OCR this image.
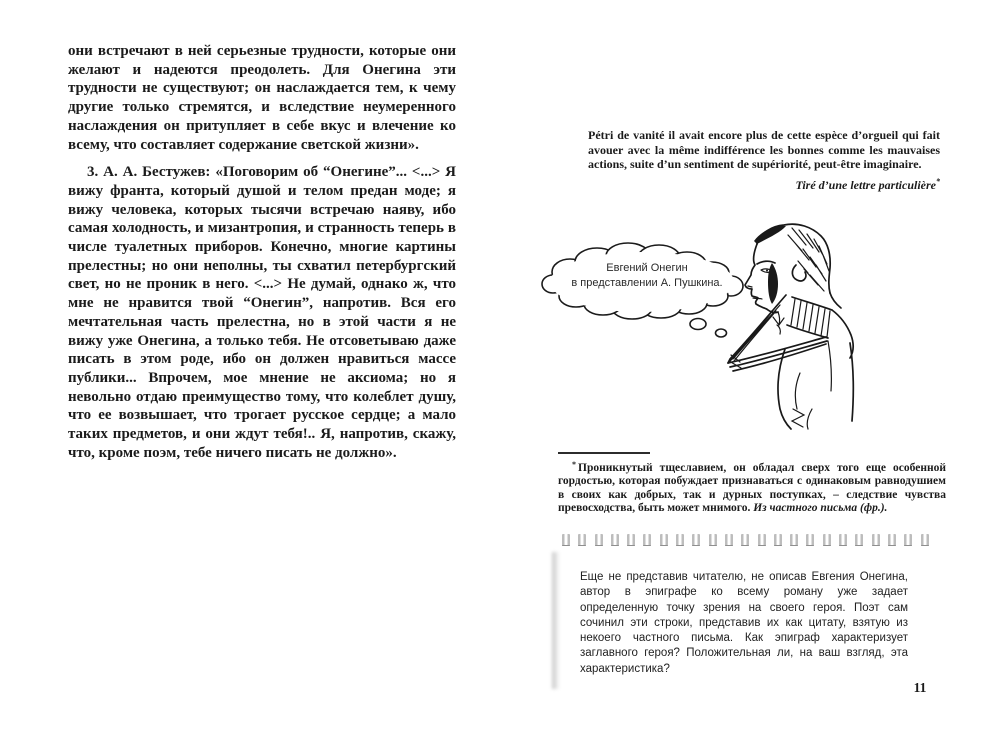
они встречают в ней серьезные трудности, которые они желают и надеются преодолеть. Для Онегина эти трудности не существуют; он наслаждается тем, к чему другие только стремятся, и вследствие неумеренного наслаждения он притупляет в себе вкус и влечение ко всему, что составляет содержание светской жизни».

3. А. А. Бестужев: «Поговорим об “Онегине”... <...> Я вижу франта, который душой и телом предан моде; я вижу человека, которых тысячи встречаю наяву, ибо самая холодность, и мизантропия, и странность теперь в числе туалетных приборов. Конечно, многие картины прелестны; но они неполны, ты схватил петербургский свет, но не проник в него. <...> Не думай, однако ж, что мне не нравится твой “Онегин”, напротив. Вся его мечтательная часть прелестна, но в этой части я не вижу уже Онегина, а только тебя. Не отсоветываю даже писать в этом роде, ибо он должен нравиться массе публики... Впрочем, мое мнение не аксиома; но я невольно отдаю преимущество тому, что колеблет душу, что ее возвышает, что трогает русское сердце; а мало таких предметов, и они ждут тебя!.. Я, напротив, скажу, что, кроме поэм, тебе ничего писать не должно».

Pétri de vanité il avait encore plus de cette espèce d’orgueil qui fait avouer avec la même indifférence les bonnes comme les mauvaises actions, suite d’un sentiment de supériorité, peut-être imaginaire.

Tiré d’une lettre particulière*

Евгений Онегин
в представлении А. Пушкина.

* Проникнутый тщеславием, он обладал сверх того еще особенной гордостью, которая побуждает признаваться с одинаковым равнодушием в своих как добрых, так и дурных поступках, – следствие чувства превосходства, быть может мнимого. Из частного письма (фр.).

Еще не представив читателю, не описав Евгения Онегина, автор в эпиграфе ко всему роману уже задает определенную точку зрения на своего героя. Поэт сам сочинил эти строки, представив их как цитату, взятую из некоего частного письма. Как эпиграф характеризует заглавного героя? Положительная ли, на ваш взгляд, эта характеристика?

11
